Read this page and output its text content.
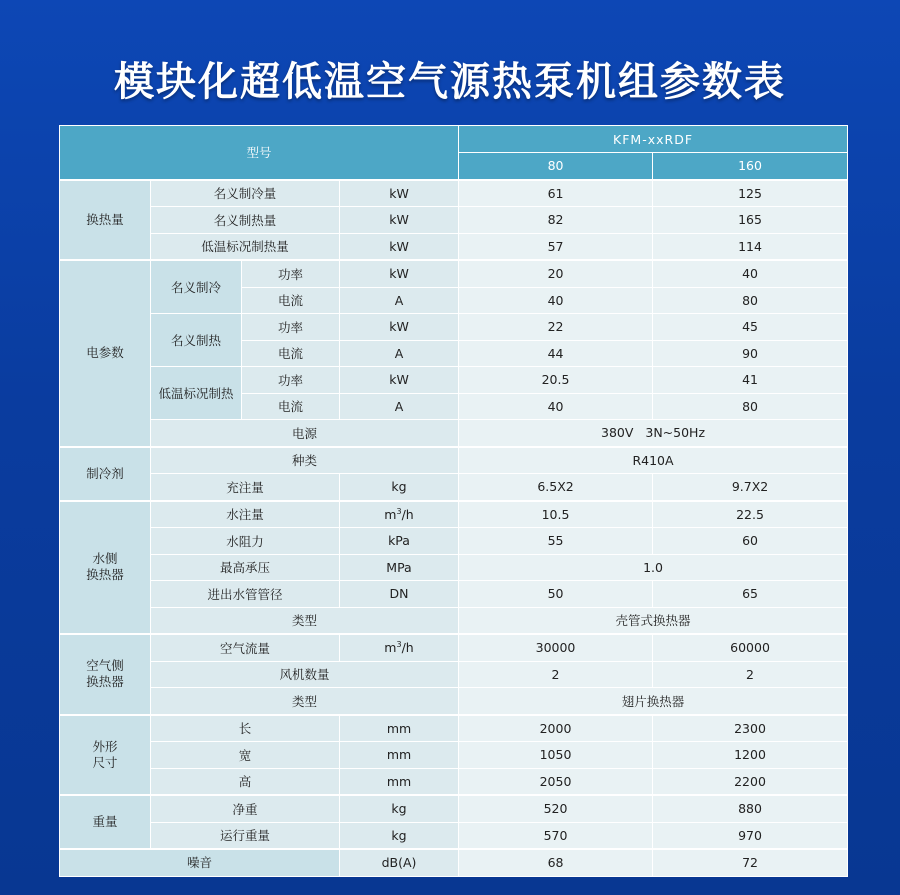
模块化超低温空气源热泵机组参数表
型号				KFM-xxRDF	
				80	160
换热量	名义制冷量		kW	61	125
	名义制热量		kW	82	165
	低温标况制热量		kW	57	114
电参数	名义制冷	功率	kW	20	40
		电流	A	40	80
	名义制热	功率	kW	22	45
		电流	A	44	90
	低温标况制热	功率	kW	20.5	41
		电流	A	40	80
	电源			380V   3N~50Hz	
制冷剂	种类			R410A	
	充注量		kg	6.5X2	9.7X2

水侧
换热器	水注量		$m^3/h$	10.5	22.5
	水阻力		kPa	55	60
	最高承压		MPa	1.0	
	进出水管管径		DN	50	65
	类型			壳管式换热器	

空气侧
换热器	空气流量		$m^3/h$	30000	60000
	风机数量			2	2
	类型			翅片换热器	

外形
尺寸	长		mm	2000	2300
	宽		mm	1050	1200
	高		mm	2050	2200
重量	净重		kg	520	880
	运行重量		kg	570	970
噪音			dB(A)	68	72
